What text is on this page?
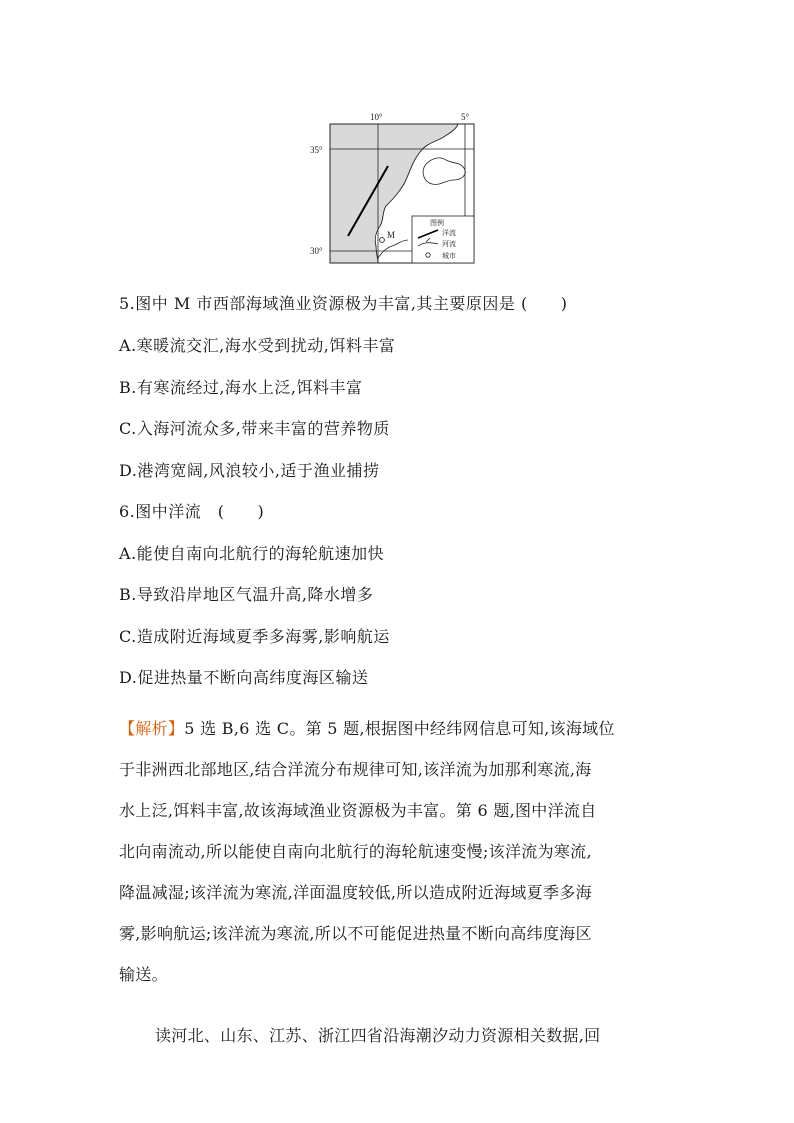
M
10°	5°
35°
30°
图例
洋流
河流
城市
5.图中 M 市西部海域渔业资源极为丰富,其主要原因是 (　　)
A.寒暖流交汇,海水受到扰动,饵料丰富
B.有寒流经过,海水上泛,饵料丰富
C.入海河流众多,带来丰富的营养物质
D.港湾宽阔,风浪较小,适于渔业捕捞
6.图中洋流　(　　)
A.能使自南向北航行的海轮航速加快
B.导致沿岸地区气温升高,降水增多
C.造成附近海域夏季多海雾,影响航运
D.促进热量不断向高纬度海区输送

【解析】5 选 B,6 选 C。第 5 题,根据图中经纬网信息可知,该海域位

于非洲西北部地区,结合洋流分布规律可知,该洋流为加那利寒流,海

水上泛,饵料丰富,故该海域渔业资源极为丰富。第 6 题,图中洋流自

北向南流动,所以能使自南向北航行的海轮航速变慢;该洋流为寒流,

降温减湿;该洋流为寒流,洋面温度较低,所以造成附近海域夏季多海

雾,影响航运;该洋流为寒流,所以不可能促进热量不断向高纬度海区

输送。

读河北、山东、江苏、浙江四省沿海潮汐动力资源相关数据,回
